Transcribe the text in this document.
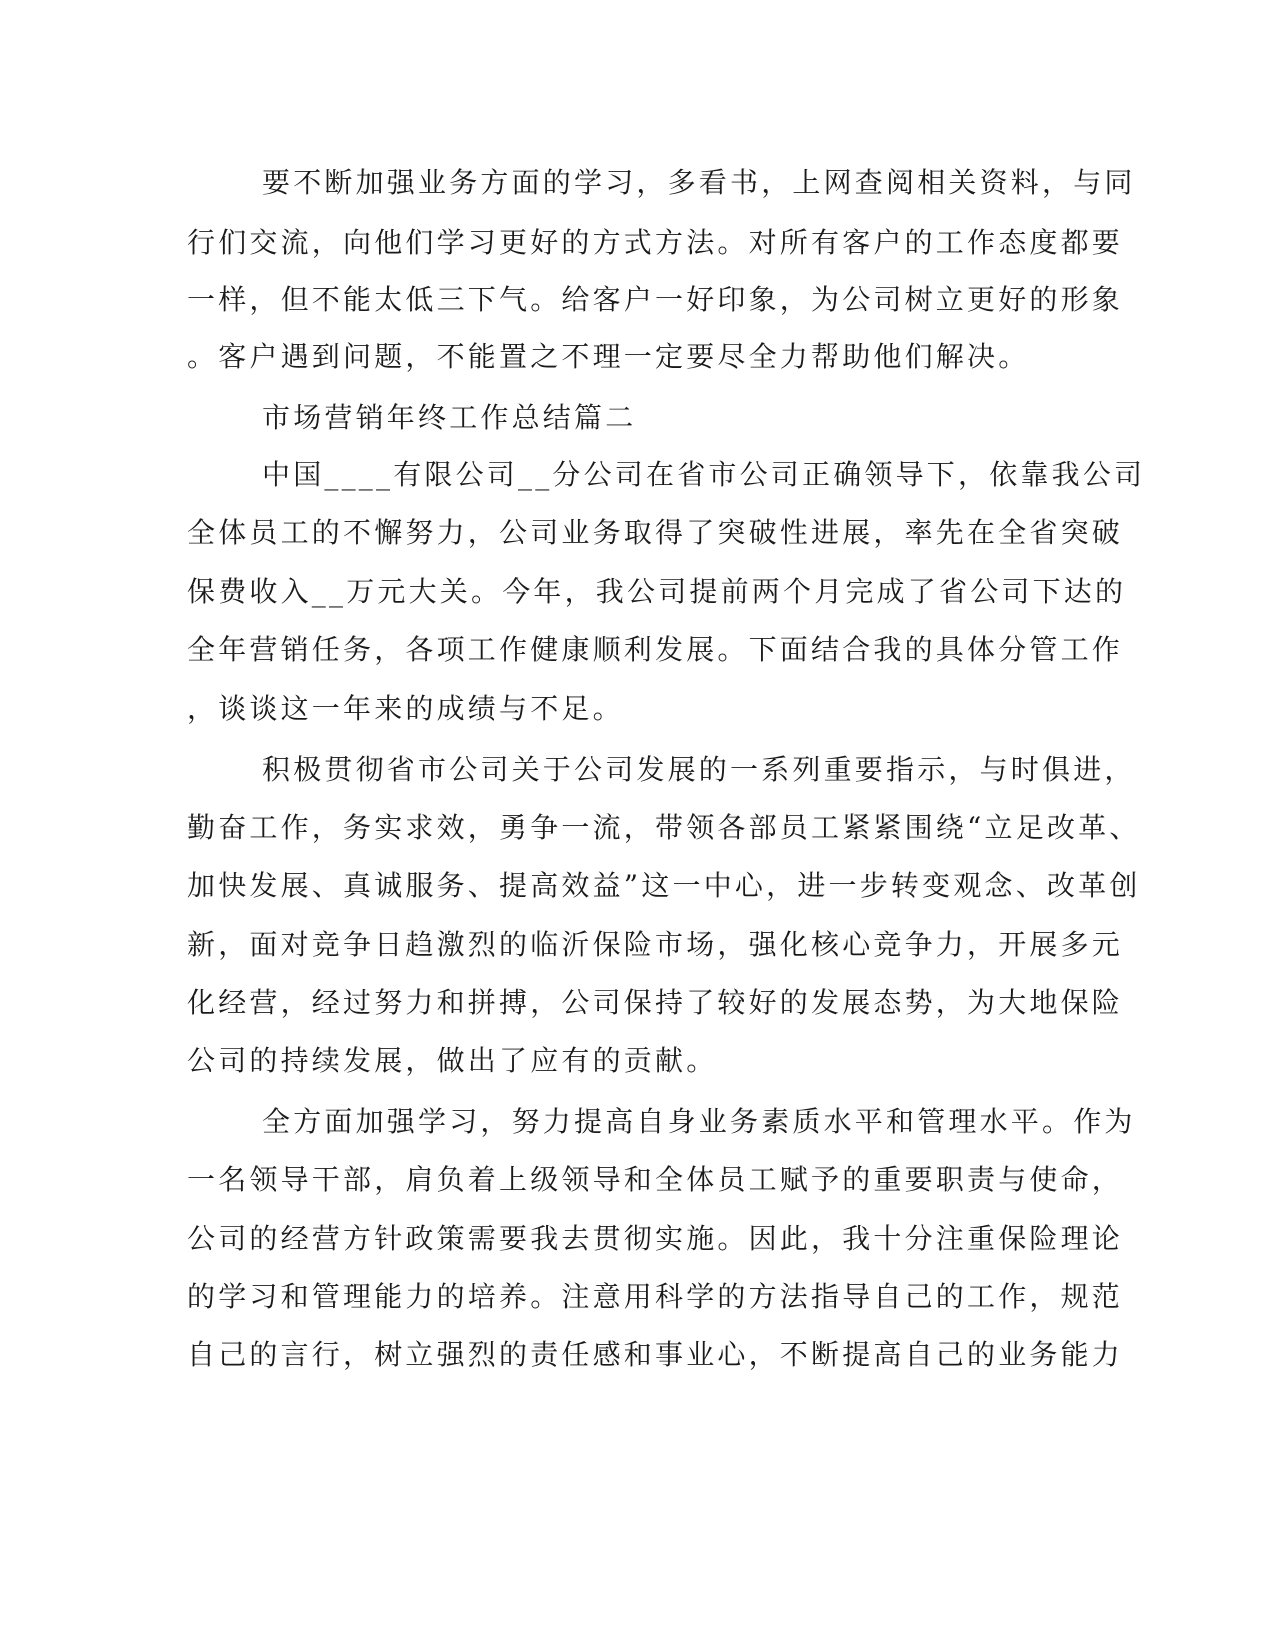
要不断加强业务方面的学习，多看书，上网查阅相关资料，与同
行们交流，向他们学习更好的方式方法。对所有客户的工作态度都要
一样，但不能太低三下气。给客户一好印象，为公司树立更好的形象
。客户遇到问题，不能置之不理一定要尽全力帮助他们解决。
市场营销年终工作总结篇二
中国____有限公司__分公司在省市公司正确领导下，依靠我公司
全体员工的不懈努力，公司业务取得了突破性进展，率先在全省突破
保费收入__万元大关。今年，我公司提前两个月完成了省公司下达的
全年营销任务，各项工作健康顺利发展。下面结合我的具体分管工作
，谈谈这一年来的成绩与不足。
积极贯彻省市公司关于公司发展的一系列重要指示，与时俱进，
勤奋工作，务实求效，勇争一流，带领各部员工紧紧围绕“立足改革、
加快发展、真诚服务、提高效益”这一中心，进一步转变观念、改革创
新，面对竞争日趋激烈的临沂保险市场，强化核心竞争力，开展多元
化经营，经过努力和拼搏，公司保持了较好的发展态势，为大地保险
公司的持续发展，做出了应有的贡献。
全方面加强学习，努力提高自身业务素质水平和管理水平。作为
一名领导干部，肩负着上级领导和全体员工赋予的重要职责与使命，
公司的经营方针政策需要我去贯彻实施。因此，我十分注重保险理论
的学习和管理能力的培养。注意用科学的方法指导自己的工作，规范
自己的言行，树立强烈的责任感和事业心，不断提高自己的业务能力
